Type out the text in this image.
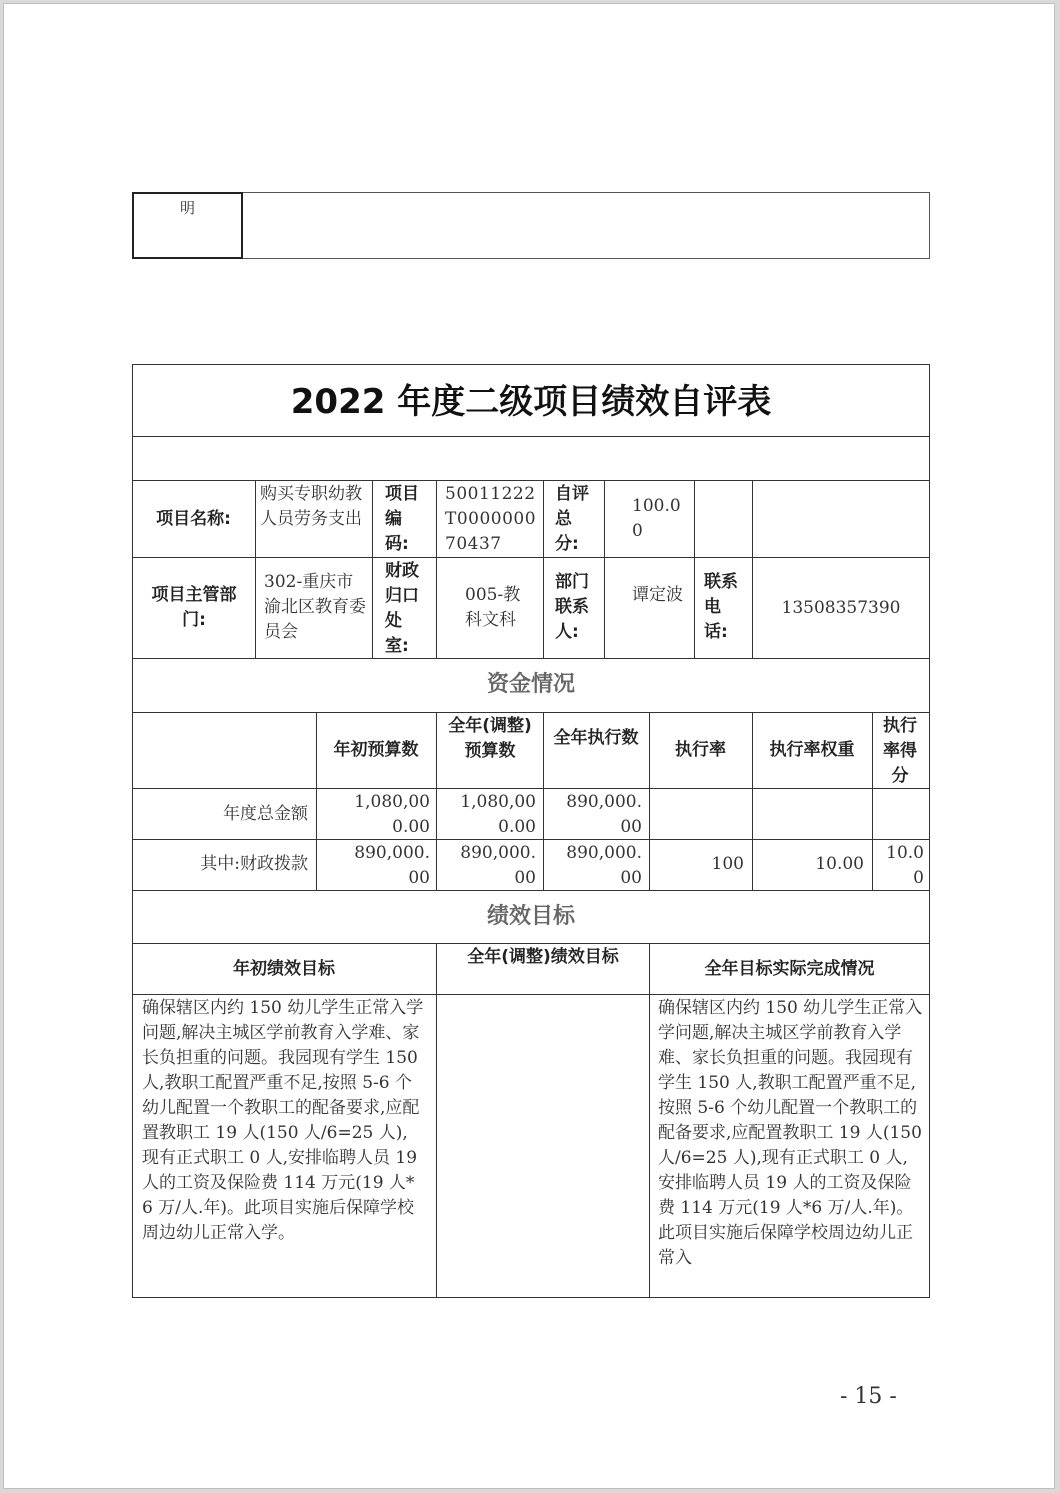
明
2022 年度二级项目绩效自评表
项目名称:
购买专职幼教人员劳务支出
项目编码:
50011222T000000070437
自评总分:
100.00
项目主管部门:
302-重庆市渝北区教育委员会
财政归口处室:
005-教科文科
部门联系人:
谭定波
联系电话:
13508357390
资金情况
年初预算数
全年(调整)预算数
全年执行数
执行率	执行率权重
执行率得分
年度总金额
1,080,000.00
1,080,000.00
890,000.00
其中:财政拨款
890,000.00
890,000.00
890,000.00
100	10.00
10.00
绩效目标
年初绩效目标
全年(调整)绩效目标
全年目标实际完成情况
确保辖区内约 150 幼儿学生正常入学问题,解决主城区学前教育入学难、家长负担重的问题。我园现有学生 150 人,教职工配置严重不足,按照 5-6 个幼儿配置一个教职工的配备要求,应配置教职工 19 人(150 人/6=25 人),现有正式职工 0 人,安排临聘人员 19 人的工资及保险费 114 万元(19 人*6 万/人.年)。此项目实施后保障学校周边幼儿正常入学。
确保辖区内约 150 幼儿学生正常入学问题,解决主城区学前教育入学难、家长负担重的问题。我园现有学生 150 人,教职工配置严重不足,按照 5-6 个幼儿配置一个教职工的配备要求,应配置教职工 19 人(150 人/6=25 人),现有正式职工 0 人,安排临聘人员 19 人的工资及保险费 114 万元(19 人*6 万/人.年)。此项目实施后保障学校周边幼儿正常入
- 15 -
